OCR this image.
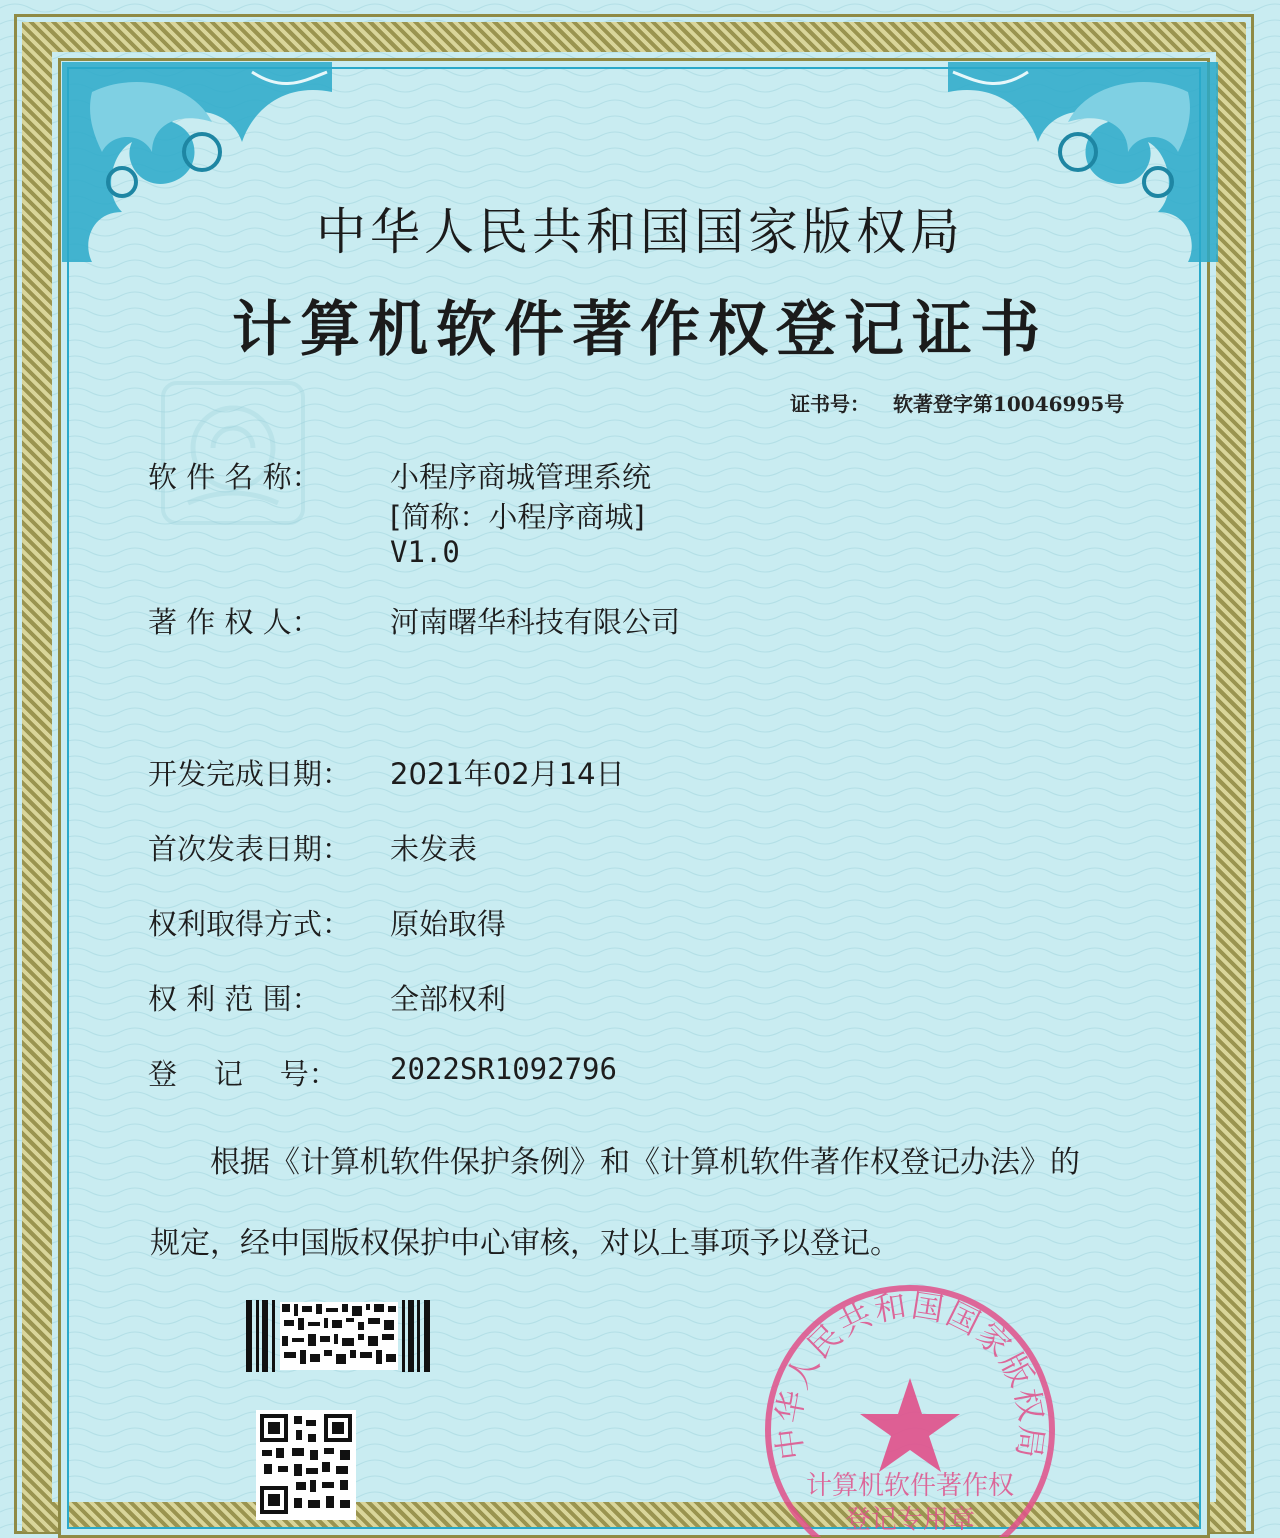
中华人民共和国国家版权局
计算机软件著作权登记证书
证书号： 软著登字第10046995号
软 件 名 称：	小程序商城管理系统
[简称：小程序商城]
V1.0
著 作 权 人：	河南曙华科技有限公司
开发完成日期：	2021年02月14日
首次发表日期：	未发表
权利取得方式：	原始取得
权 利 范 围：	全部权利
登    记    号：	2022SR1092796
根据《计算机软件保护条例》和《计算机软件著作权登记办法》的
规定，经中国版权保护中心审核，对以上事项予以登记。
中华人民共和国国家版权局
计算机软件著作权
登记专用章
